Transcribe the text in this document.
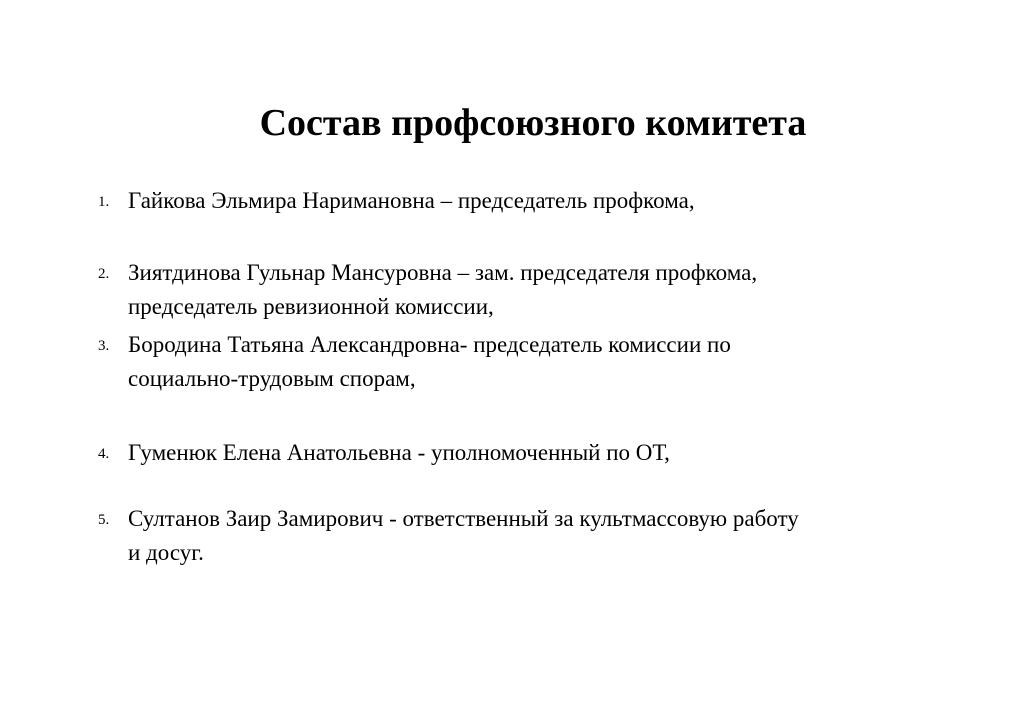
Состав профсоюзного комитета
1. Гайкова Эльмира Наримановна – председатель профкома,
2. Зиятдинова Гульнар Мансуровна – зам. председателя профкома,
председатель ревизионной комиссии,
3. Бородина Татьяна Александровна- председатель комиссии по
социально-трудовым спорам,
4. Гуменюк Елена Анатольевна - уполномоченный по ОТ,
5. Султанов Заир Замирович - ответственный за культмассовую работу
и досуг.
